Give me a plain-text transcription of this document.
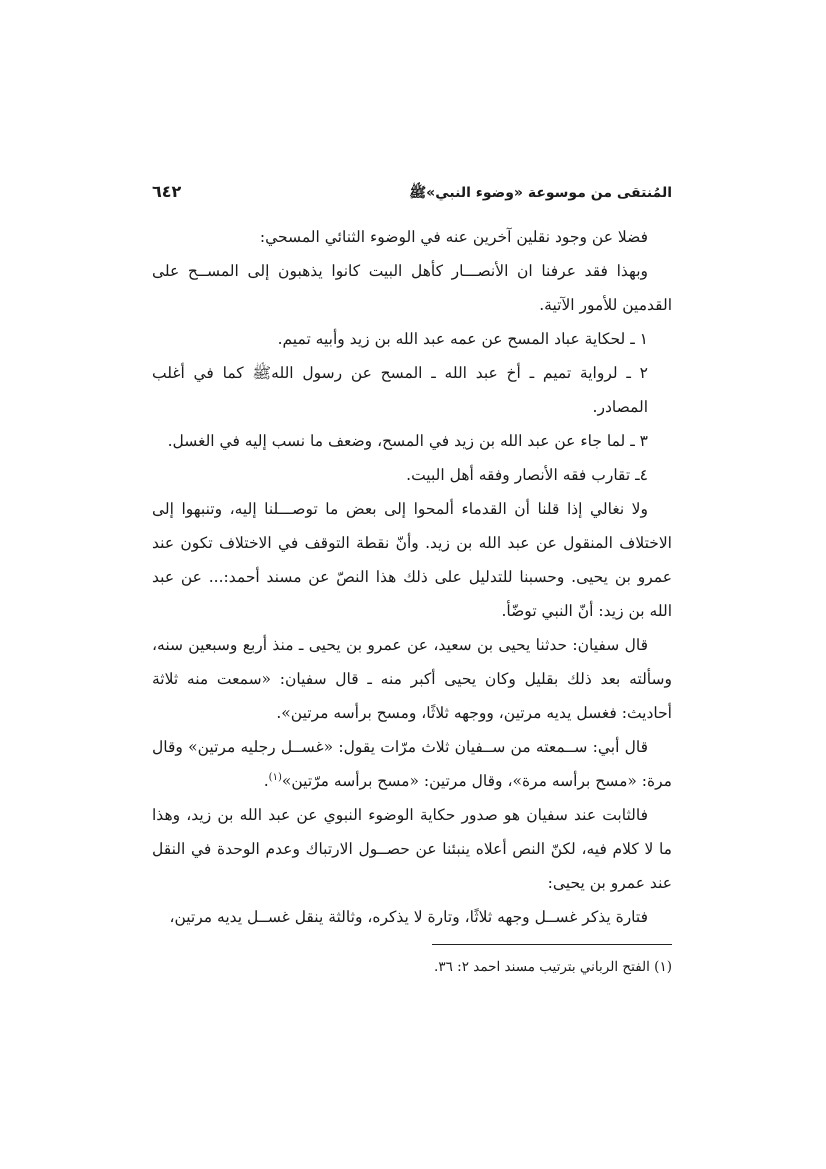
المُنتقى من موسوعة «وضوء النبي»ﷺ
٦٤٢

فضلا عن وجود نقلين آخرين عنه في الوضوء الثنائي المسحي:

وبهذا فقد عرفنا ان الأنصـــار كأهل البيت كانوا يذهبون إلى المســح على القدمين للأمور الآتية.

١ ـ لحكاية عباد المسح عن عمه عبد الله بن زيد وأبيه تميم.

٢ ـ لرواية تميم ـ أخ عبد الله ـ المسح عن رسول اللهﷺ كما في أغلب المصادر.

٣ ـ لما جاء عن عبد الله بن زيد في المسح، وضعف ما نسب إليه في الغسل.

٤ـ تقارب فقه الأنصار وفقه أهل البيت.

ولا نغالي إذا قلنا أن القدماء ألمحوا إلى بعض ما توصـــلنا إليه، وتنبهوا إلى الاختلاف المنقول عن عبد الله بن زيد. وأنّ نقطة التوقف في الاختلاف تكون عند عمرو بن يحيى. وحسبنا للتدليل على ذلك هذا النصّ عن مسند أحمد:... عن عبد الله بن زيد: أنّ النبي توضّأ.

قال سفيان: حدثنا يحيى بن سعيد، عن عمرو بن يحيى ـ منذ أربع وسبعين سنه، وسألته بعد ذلك بقليل وكان يحيى أكبر منه ـ قال سفيان: «سمعت منه ثلاثة أحاديث: فغسل يديه مرتين، ووجهه ثلاثًا، ومسح برأسه مرتين».

قال أبي: ســمعته من ســفيان ثلاث مرّات يقول: «غســل رجليه مرتين» وقال مرة: «مسح برأسه مرة»، وقال مرتين: «مسح برأسه مرّتين»$^{(١)}$.

فالثابت عند سفيان هو صدور حكاية الوضوء النبوي عن عبد الله بن زيد، وهذا ما لا كلام فيه، لكنّ النص أعلاه ينبئنا عن حصــول الارتباك وعدم الوحدة في النقل عند عمرو بن يحيى:

فتارة يذكر غســل وجهه ثلاثًا، وتارة لا يذكره، وثالثة ينقل غســل يديه مرتين،

(١) الفتح الرباني بترتيب مسند احمد ٢: ٣٦.
